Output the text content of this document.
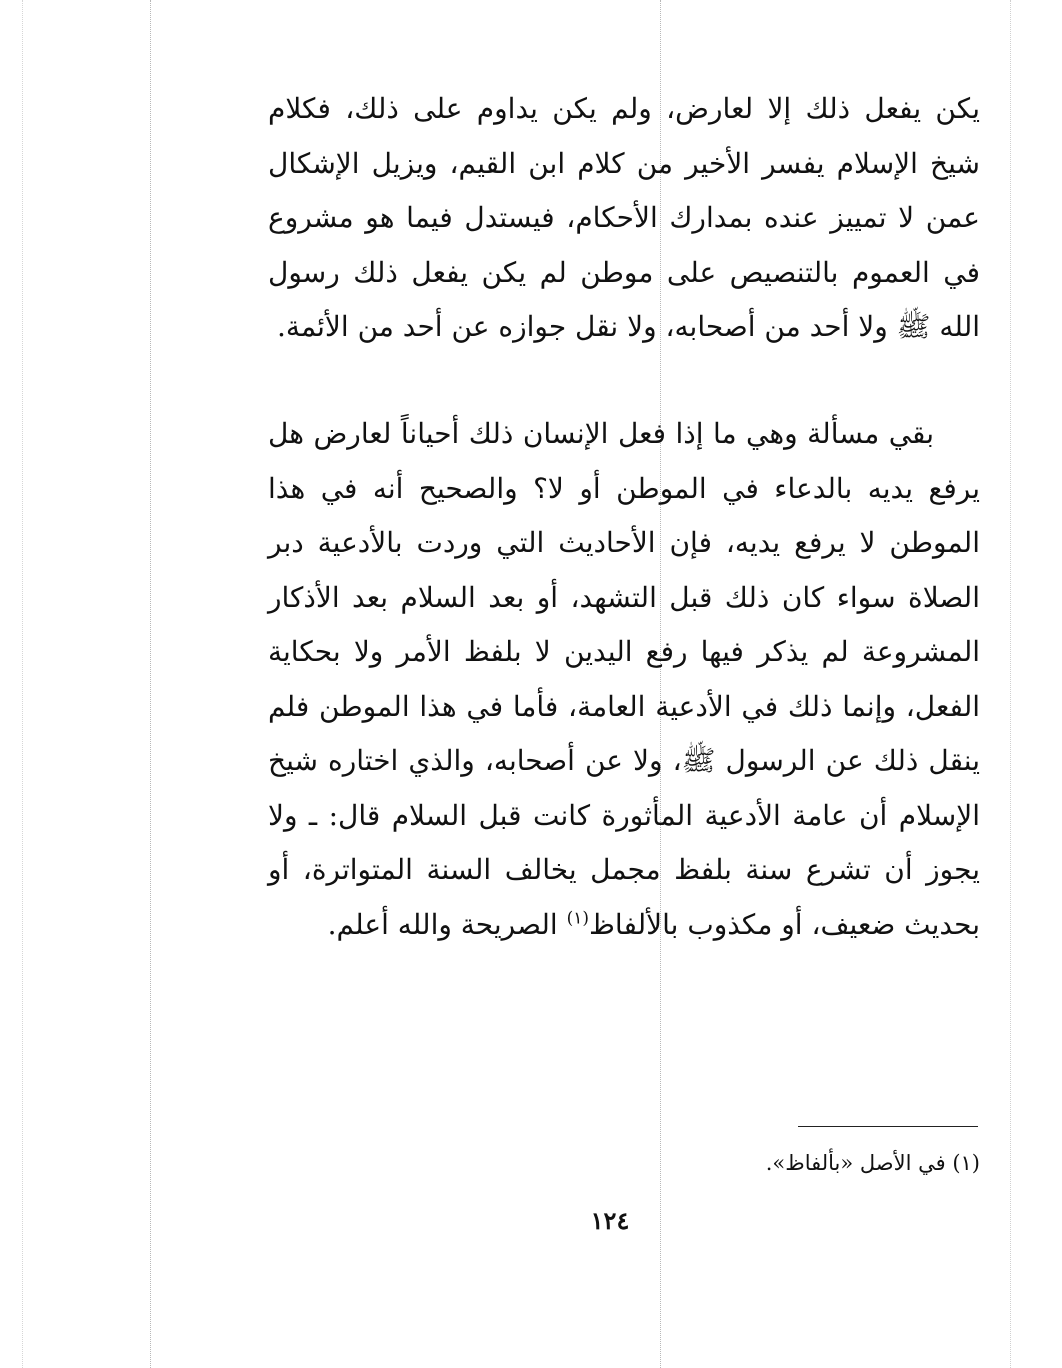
يكن يفعل ذلك إلا لعارض، ولم يكن يداوم على ذلك، فكلام شيخ الإسلام يفسر الأخير من كلام ابن القيم، ويزيل الإشكال عمن لا تمييز عنده بمدارك الأحكام، فيستدل فيما هو مشروع في العموم بالتنصيص على موطن لم يكن يفعل ذلك رسول الله ﷺ ولا أحد من أصحابه، ولا نقل جوازه عن أحد من الأئمة.

بقي مسألة وهي ما إذا فعل الإنسان ذلك أحياناً لعارض هل يرفع يديه بالدعاء في الموطن أو لا؟ والصحيح أنه في هذا الموطن لا يرفع يديه، فإن الأحاديث التي وردت بالأدعية دبر الصلاة سواء كان ذلك قبل التشهد، أو بعد السلام بعد الأذكار المشروعة لم يذكر فيها رفع اليدين لا بلفظ الأمر ولا بحكاية الفعل، وإنما ذلك في الأدعية العامة، فأما في هذا الموطن فلم ينقل ذلك عن الرسول ﷺ، ولا عن أصحابه، والذي اختاره شيخ الإسلام أن عامة الأدعية المأثورة كانت قبل السلام قال: ـ ولا يجوز أن تشرع سنة بلفظ مجمل يخالف السنة المتواترة، أو بحديث ضعيف، أو مكذوب بالألفاظ$^{(١)}$ الصريحة والله أعلم.

(١) في الأصل «بألفاظ».
١٢٤
